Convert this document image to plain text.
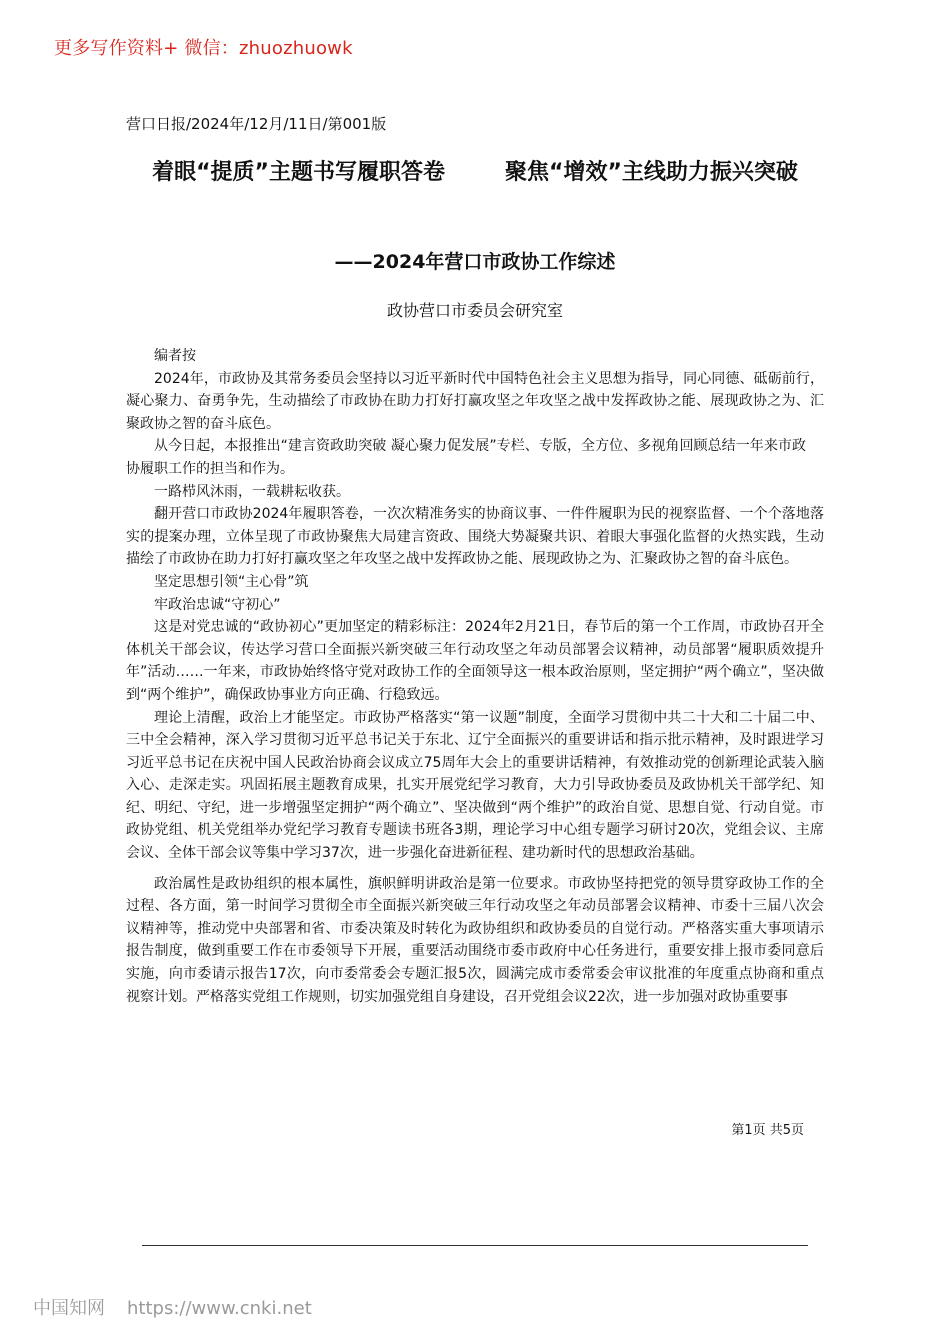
更多写作资料+ 微信：zhuozhuowk
营口日报/2024年/12月/11日/第001版
着眼“提质”主题书写履职答卷	聚焦“增效”主线助力振兴突破
——2024年营口市政协工作综述
政协营口市委员会研究室

编者按

2024年，市政协及其常务委员会坚持以习近平新时代中国特色社会主义思想为指导，同心同德、砥砺前行，凝心聚力、奋勇争先，生动描绘了市政协在助力打好打赢攻坚之年攻坚之战中发挥政协之能、展现政协之为、汇聚政协之智的奋斗底色。

从今日起，本报推出“建言资政助突破 凝心聚力促发展”专栏、专版，全方位、多视角回顾总结一年来市政协履职工作的担当和作为。

一路栉风沐雨，一载耕耘收获。

翻开营口市政协2024年履职答卷，一次次精准务实的协商议事、一件件履职为民的视察监督、一个个落地落实的提案办理，立体呈现了市政协聚焦大局建言资政、围绕大势凝聚共识、着眼大事强化监督的火热实践，生动描绘了市政协在助力打好打赢攻坚之年攻坚之战中发挥政协之能、展现政协之为、汇聚政协之智的奋斗底色。

坚定思想引领“主心骨”筑

牢政治忠诚“守初心”

这是对党忠诚的“政协初心”更加坚定的精彩标注：2024年2月21日，春节后的第一个工作周，市政协召开全体机关干部会议，传达学习营口全面振兴新突破三年行动攻坚之年动员部署会议精神，动员部署“履职质效提升年”活动……一年来，市政协始终恪守党对政协工作的全面领导这一根本政治原则，坚定拥护“两个确立”，坚决做到“两个维护”，确保政协事业方向正确、行稳致远。

理论上清醒，政治上才能坚定。市政协严格落实“第一议题”制度，全面学习贯彻中共二十大和二十届二中、三中全会精神，深入学习贯彻习近平总书记关于东北、辽宁全面振兴的重要讲话和指示批示精神，及时跟进学习习近平总书记在庆祝中国人民政治协商会议成立75周年大会上的重要讲话精神，有效推动党的创新理论武装入脑入心、走深走实。巩固拓展主题教育成果，扎实开展党纪学习教育，大力引导政协委员及政协机关干部学纪、知纪、明纪、守纪，进一步增强坚定拥护“两个确立”、坚决做到“两个维护”的政治自觉、思想自觉、行动自觉。市政协党组、机关党组举办党纪学习教育专题读书班各3期，理论学习中心组专题学习研讨20次，党组会议、主席会议、全体干部会议等集中学习37次，进一步强化奋进新征程、建功新时代的思想政治基础。

政治属性是政协组织的根本属性，旗帜鲜明讲政治是第一位要求。市政协坚持把党的领导贯穿政协工作的全过程、各方面，第一时间学习贯彻全市全面振兴新突破三年行动攻坚之年动员部署会议精神、市委十三届八次会议精神等，推动党中央部署和省、市委决策及时转化为政协组织和政协委员的自觉行动。严格落实重大事项请示报告制度，做到重要工作在市委领导下开展，重要活动围绕市委市政府中心任务进行，重要安排上报市委同意后实施，向市委请示报告17次，向市委常委会专题汇报5次，圆满完成市委常委会审议批准的年度重点协商和重点视察计划。严格落实党组工作规则，切实加强党组自身建设，召开党组会议22次，进一步加强对政协重要事

第1页 共5页
中国知网 https://www.cnki.net
